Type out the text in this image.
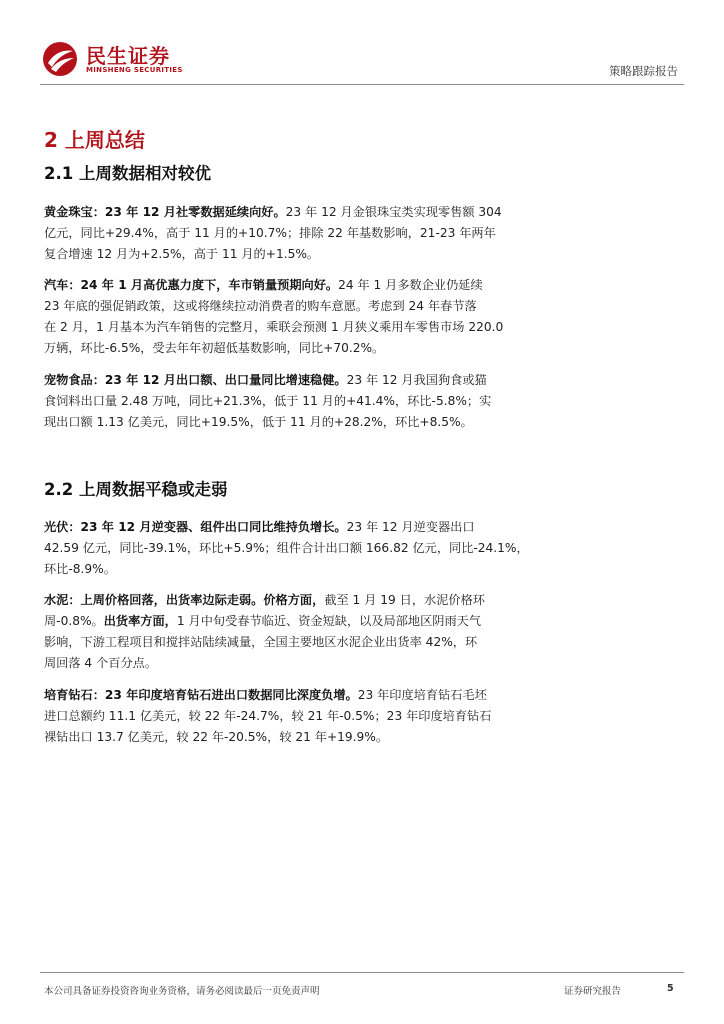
民生证券
MINSHENG SECURITIES	策略跟踪报告
2 上周总结
2.1 上周数据相对较优
黄金珠宝：23 年 12 月社零数据延续向好。23 年 12 月金银珠宝类实现零售额 304
亿元，同比+29.4%，高于 11 月的+10.7%；排除 22 年基数影响，21-23 年两年
复合增速 12 月为+2.5%，高于 11 月的+1.5%。
汽车：24 年 1 月高优惠力度下，车市销量预期向好。24 年 1 月多数企业仍延续
23 年底的强促销政策，这或将继续拉动消费者的购车意愿。考虑到 24 年春节落
在 2 月，1 月基本为汽车销售的完整月，乘联会预测 1 月狭义乘用车零售市场 220.0
万辆，环比-6.5%，受去年年初超低基数影响，同比+70.2%。
宠物食品：23 年 12 月出口额、出口量同比增速稳健。23 年 12 月我国狗食或猫
食饲料出口量 2.48 万吨，同比+21.3%，低于 11 月的+41.4%，环比-5.8%；实
现出口额 1.13 亿美元，同比+19.5%，低于 11 月的+28.2%，环比+8.5%。
2.2 上周数据平稳或走弱
光伏：23 年 12 月逆变器、组件出口同比维持负增长。23 年 12 月逆变器出口
42.59 亿元，同比-39.1%，环比+5.9%；组件合计出口额 166.82 亿元，同比-24.1%，
环比-8.9%。
水泥：上周价格回落，出货率边际走弱。价格方面，截至 1 月 19 日，水泥价格环
周-0.8%。出货率方面，1 月中旬受春节临近、资金短缺，以及局部地区阴雨天气
影响，下游工程项目和搅拌站陆续减量，全国主要地区水泥企业出货率 42%，环
周回落 4 个百分点。
培育钻石：23 年印度培育钻石进出口数据同比深度负增。23 年印度培育钻石毛坯
进口总额约 11.1 亿美元，较 22 年-24.7%，较 21 年-0.5%；23 年印度培育钻石
裸钻出口 13.7 亿美元，较 22 年-20.5%，较 21 年+19.9%。
本公司具备证券投资咨询业务资格，请务必阅读最后一页免责声明	证券研究报告	5
